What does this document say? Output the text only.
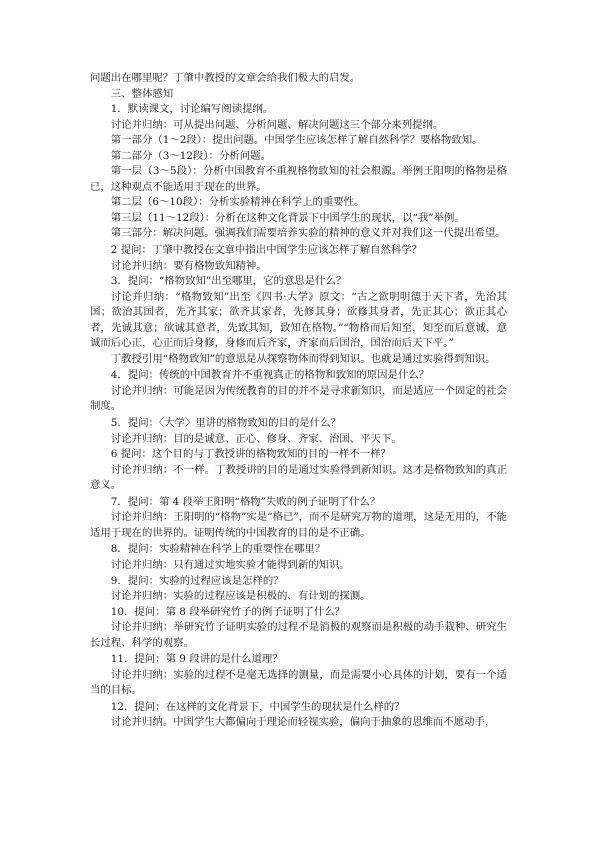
问题出在哪里呢？丁肇中教授的文章会给我们极大的启发。

三、整体感知

1．默读课文，讨论编写阅读提纲。

讨论并归纳：可从提出问题、分析问题、解决问题这三个部分来列提纲。

第一部分（1～2段）：提出问题。中国学生应该怎样了解自然科学？要格物致知。

第二部分（3～12段）：分析问题。

第一层（3～5段）：分析中国教育不重视格物致知的社会根源。举例王阳明的格物是格已，这种观点不能适用于现在的世界。

第二层（6～10段）：分析实验精神在科学上的重要性。

第三层（11～12段）：分析在这种文化背景下中国学生的现状，以“我”举例。

第三部分：解决问题。强调我们需要培养实验的精神的意义并对我们这一代提出希望。

2 提问：丁肇中教授在文章中指出中国学生应该怎样了解自然科学？

讨论并归纳：要有格物致知精神。

3．提问：“格物致知”出至哪里，它的意思是什么？

讨论并归纳：“格物致知”出至《四书·大学》原文：“古之欲明明德于天下者，先治其国；欲治其国者，先齐其家；欲齐其家者，先修其身；欲修其身者，先正其心；欲正其心者，先诚其意；欲诚其意者，先致其知，致知在格物。”“物格而后知至，知至而后意诚，意诚而后心正，心正而后身修，身修而后齐家，齐家而后国治，国治而后天下平。”

丁教授引用“格物致知”的意思是从探察物体而得到知识。也就是通过实验得到知识。

4．提问：传统的中国教育并不重视真正的格物和致知的原因是什么？

讨论并归纳：可能是因为传统教育的目的并不是寻求新知识，而是适应一个固定的社会制度。

5．提问：〈大学〉里讲的格物致知的目的是什么？

讨论并归纳：目的是诚意、正心、修身、齐家、治国、平天下。

6 提问：这个目的与丁教授讲的格物致知的目的一样不一样？

讨论并归纳：不一样。丁教授讲的目的是通过实验得到新知识。这才是格物致知的真正意义。

7．提问：第 4 段举王阳明“格物”失败的例子证明了什么？

讨论并归纳：王阳明的“格物”实是“格已”，而不是研究万物的道理，这是无用的，不能适用于现在的世界的。证明传统的中国教育的目的是不正确。

8．提问：实验精神在科学上的重要性在哪里？

讨论并归纳：只有通过实地实验才能得到新的知识。

9．提问：实验的过程应该是怎样的？

讨论并归纳：实验的过程应该是积极的、有计划的探测。

10．提问：第 8 段举研究竹子的例子证明了什么？

讨论并归纳：举研究竹子证明实验的过程不是消极的观察而是积极的动手栽种、研究生长过程、科学的观察。

11．提问：第 9 段讲的是什么道理？

讨论并归纳：实验的过程不是毫无选择的测量，而是需要小心具体的计划，要有一个适当的目标。

12．提问：在这样的文化背景下，中国学生的现状是什么样的？

讨论并归纳。中国学生大都偏向于理论而轻视实验，偏向于抽象的思维而不愿动手，
